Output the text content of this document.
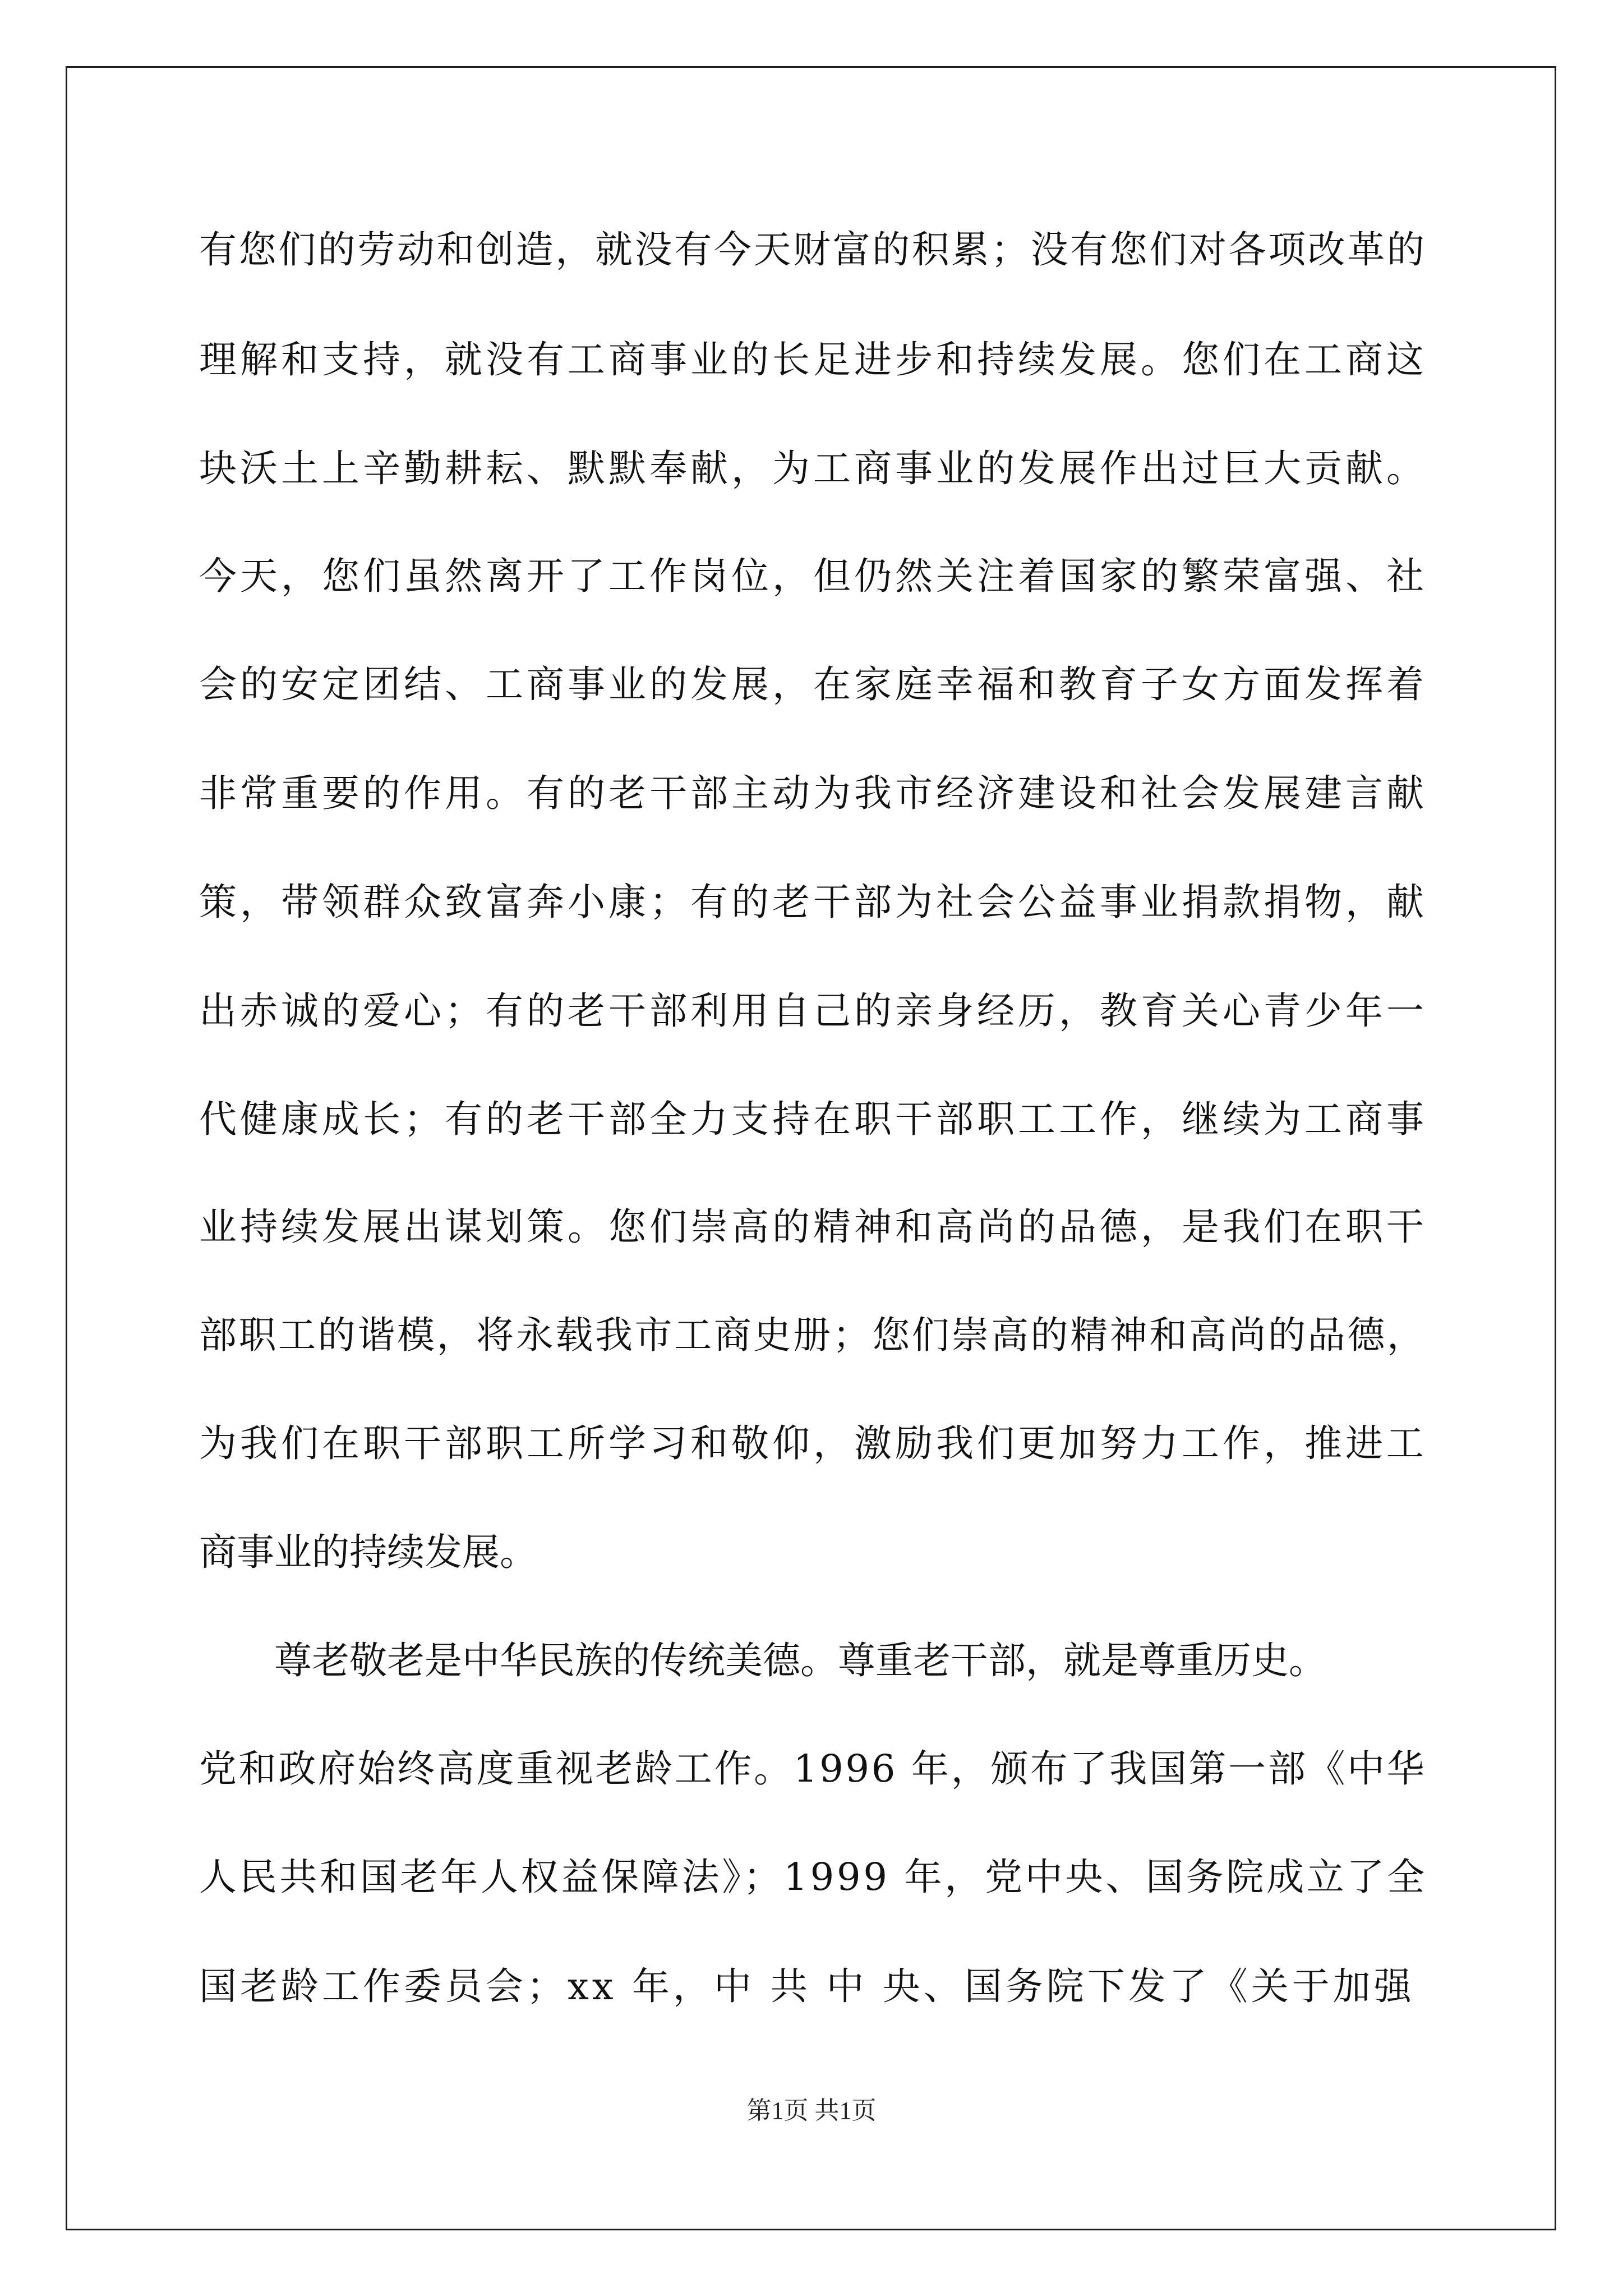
有您们的劳动和创造，就没有今天财富的积累；没有您们对各项改革的
理解和支持，就没有工商事业的长足进步和持续发展。您们在工商这
块沃土上辛勤耕耘、默默奉献，为工商事业的发展作出过巨大贡献。
今天，您们虽然离开了工作岗位，但仍然关注着国家的繁荣富强、社
会的安定团结、工商事业的发展，在家庭幸福和教育子女方面发挥着
非常重要的作用。有的老干部主动为我市经济建设和社会发展建言献
策，带领群众致富奔小康；有的老干部为社会公益事业捐款捐物，献
出赤诚的爱心；有的老干部利用自己的亲身经历，教育关心青少年一
代健康成长；有的老干部全力支持在职干部职工工作，继续为工商事
业持续发展出谋划策。您们崇高的精神和高尚的品德，是我们在职干
部职工的谐模，将永载我市工商史册；您们崇高的精神和高尚的品德，
为我们在职干部职工所学习和敬仰，激励我们更加努力工作，推进工
商事业的持续发展。
尊老敬老是中华民族的传统美德。尊重老干部，就是尊重历史。
党和政府始终高度重视老龄工作。1996 年，颁布了我国第一部《中华
人民共和国老年人权益保障法》；1999 年，党中央、国务院成立了全
国老龄工作委员会；xx 年，中 共 中 央、国务院下发了《关于加强
第1页 共1页
